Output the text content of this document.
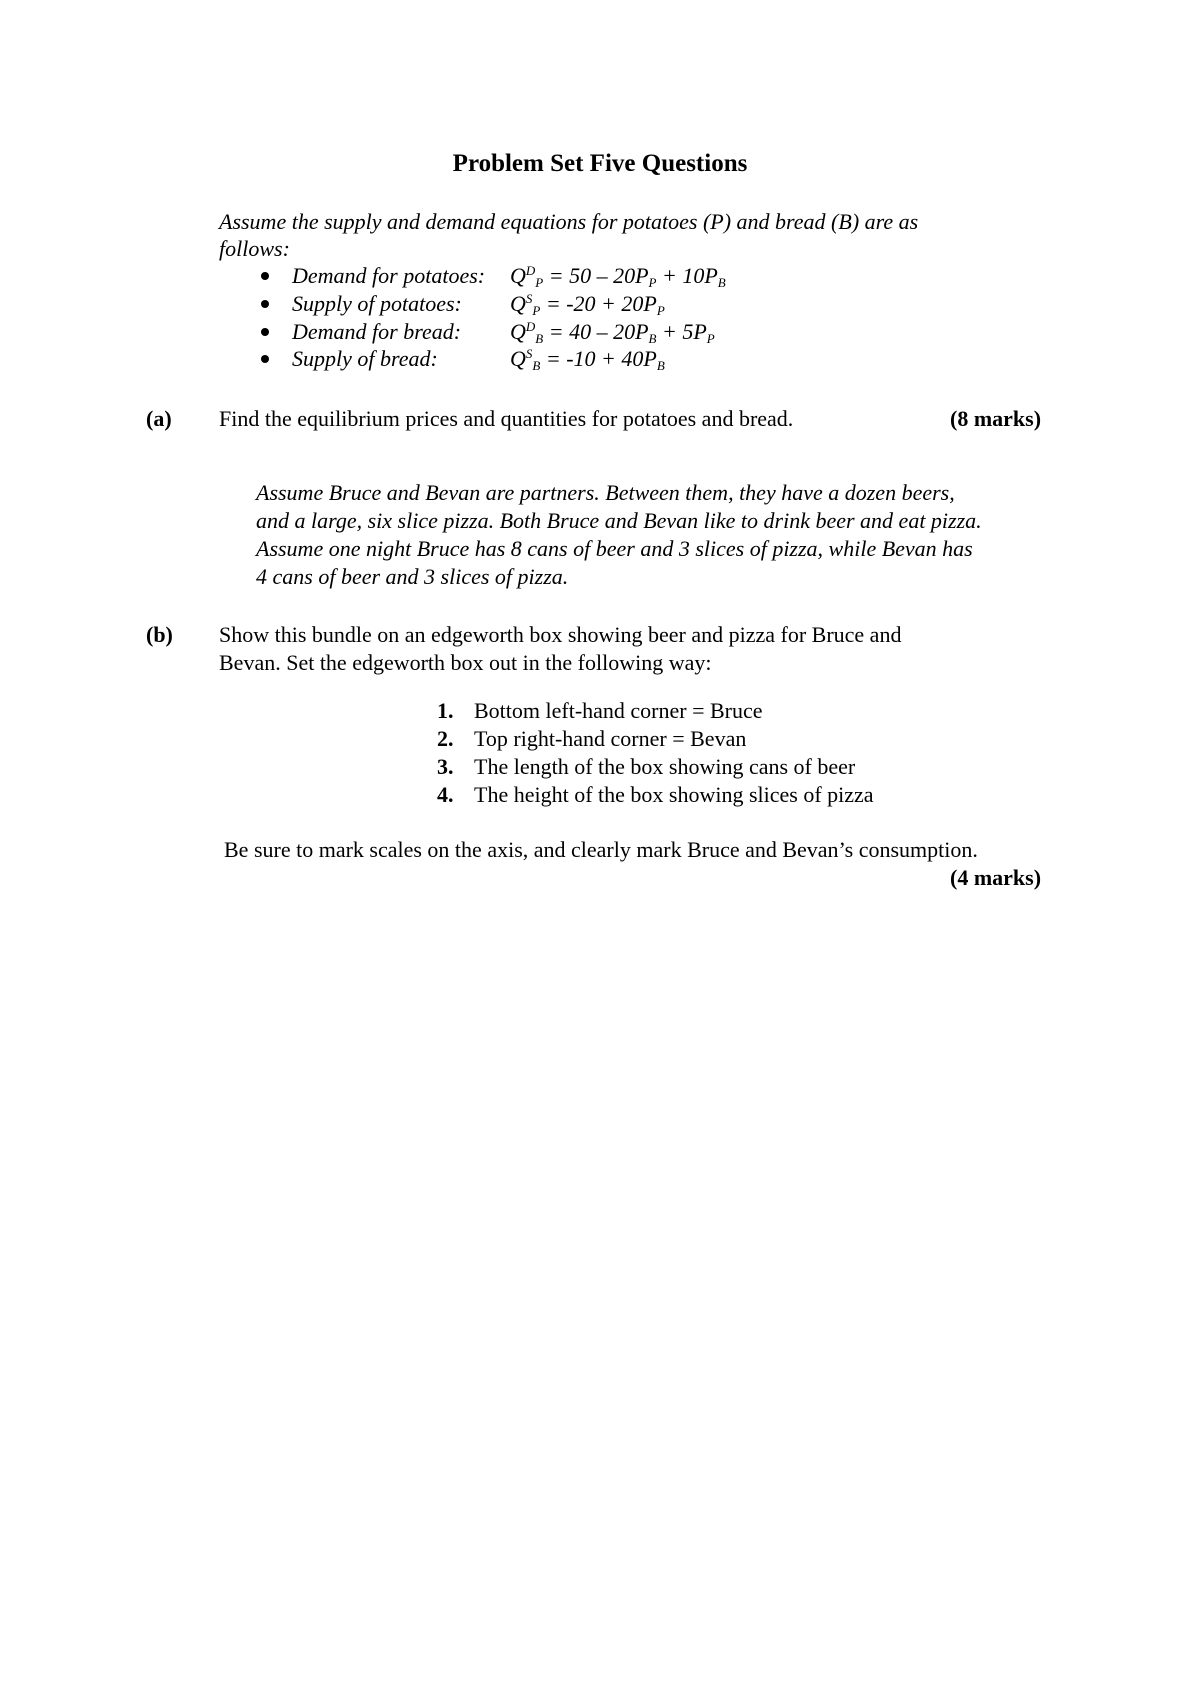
Problem Set Five Questions
Assume the supply and demand equations for potatoes (P) and bread (B) are as
follows:
Demand for potatoes: $Q^D_P = 50 - 20P_P + 10P_B$
Supply of potatoes: $Q^S_P = -20 + 20P_P$
Demand for bread: $Q^D_B = 40 - 20P_B + 5P_P$
Supply of bread:	$Q^S_B = -10 + 40P_B$
(a) Find the equilibrium prices and quantities for potatoes and bread.	(8 marks)
Assume Bruce and Bevan are partners. Between them, they have a dozen beers,
and a large, six slice pizza. Both Bruce and Bevan like to drink beer and eat pizza.
Assume one night Bruce has 8 cans of beer and 3 slices of pizza, while Bevan has
4 cans of beer and 3 slices of pizza.
(b) Show this bundle on an edgeworth box showing beer and pizza for Bruce and
Bevan. Set the edgeworth box out in the following way:
1. Bottom left-hand corner = Bruce
2. Top right-hand corner = Bevan
3. The length of the box showing cans of beer
4. The height of the box showing slices of pizza
Be sure to mark scales on the axis, and clearly mark Bruce and Bevan’s consumption.
(4 marks)
